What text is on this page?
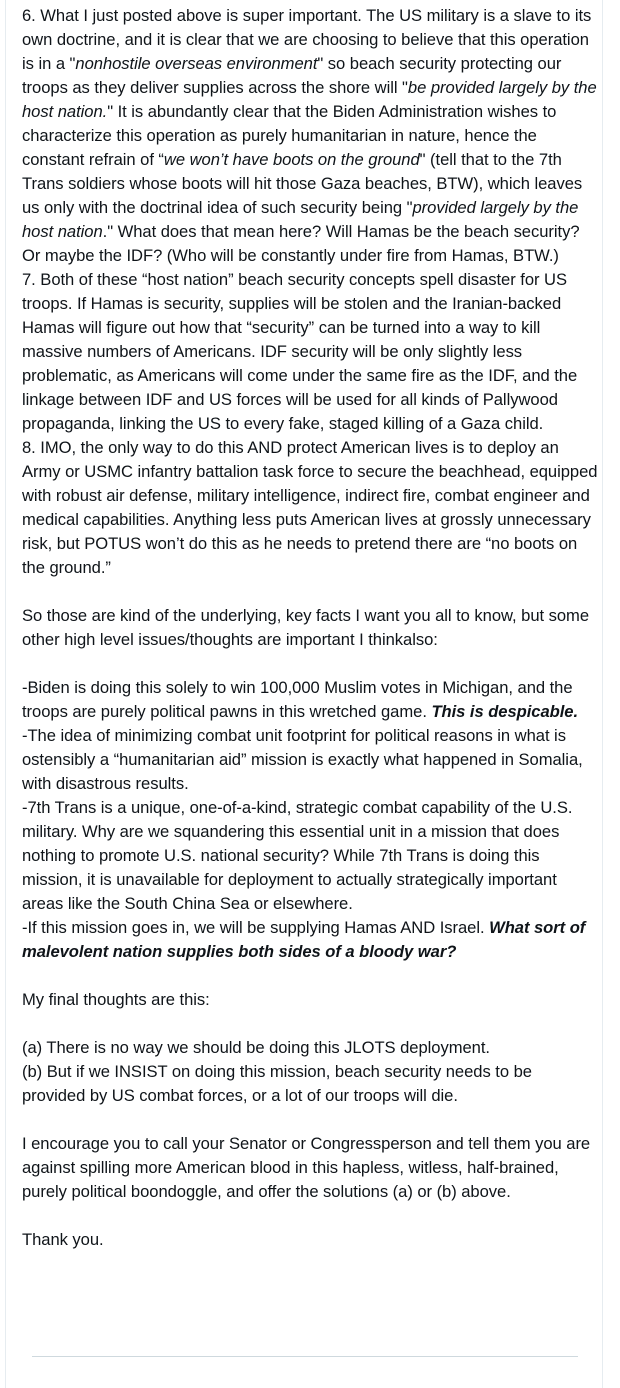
6. What I just posted above is super important. The US military is a slave to its own doctrine, and it is clear that we are choosing to believe that this operation is in a "nonhostile overseas environment" so beach security protecting our troops as they deliver supplies across the shore will "be provided largely by the host nation." It is abundantly clear that the Biden Administration wishes to characterize this operation as purely humanitarian in nature, hence the constant refrain of “we won’t have boots on the ground" (tell that to the 7th Trans soldiers whose boots will hit those Gaza beaches, BTW), which leaves us only with the doctrinal idea of such security being "provided largely by the host nation." What does that mean here? Will Hamas be the beach security? Or maybe the IDF? (Who will be constantly under fire from Hamas, BTW.)

7. Both of these “host nation” beach security concepts spell disaster for US troops. If Hamas is security, supplies will be stolen and the Iranian-backed Hamas will figure out how that “security” can be turned into a way to kill massive numbers of Americans. IDF security will be only slightly less problematic, as Americans will come under the same fire as the IDF, and the linkage between IDF and US forces will be used for all kinds of Pallywood propaganda, linking the US to every fake, staged killing of a Gaza child.

8. IMO, the only way to do this AND protect American lives is to deploy an Army or USMC infantry battalion task force to secure the beachhead, equipped with robust air defense, military intelligence, indirect fire, combat engineer and medical capabilities. Anything less puts American lives at grossly unnecessary risk, but POTUS won’t do this as he needs to pretend there are “no boots on the ground.”

So those are kind of the underlying, key facts I want you all to know, but some other high level issues/thoughts are important I thinkalso:

-Biden is doing this solely to win 100,000 Muslim votes in Michigan, and the troops are purely political pawns in this wretched game. This is despicable.

-The idea of minimizing combat unit footprint for political reasons in what is ostensibly a “humanitarian aid” mission is exactly what happened in Somalia, with disastrous results.

-7th Trans is a unique, one-of-a-kind, strategic combat capability of the U.S. military. Why are we squandering this essential unit in a mission that does nothing to promote U.S. national security? While 7th Trans is doing this mission, it is unavailable for deployment to actually strategically important areas like the South China Sea or elsewhere.

-If this mission goes in, we will be supplying Hamas AND Israel. What sort of malevolent nation supplies both sides of a bloody war?

My final thoughts are this:

(a) There is no way we should be doing this JLOTS deployment.

(b) But if we INSIST on doing this mission, beach security needs to be provided by US combat forces, or a lot of our troops will die.

I encourage you to call your Senator or Congressperson and tell them you are against spilling more American blood in this hapless, witless, half-brained, purely political boondoggle, and offer the solutions (a) or (b) above.

Thank you.
